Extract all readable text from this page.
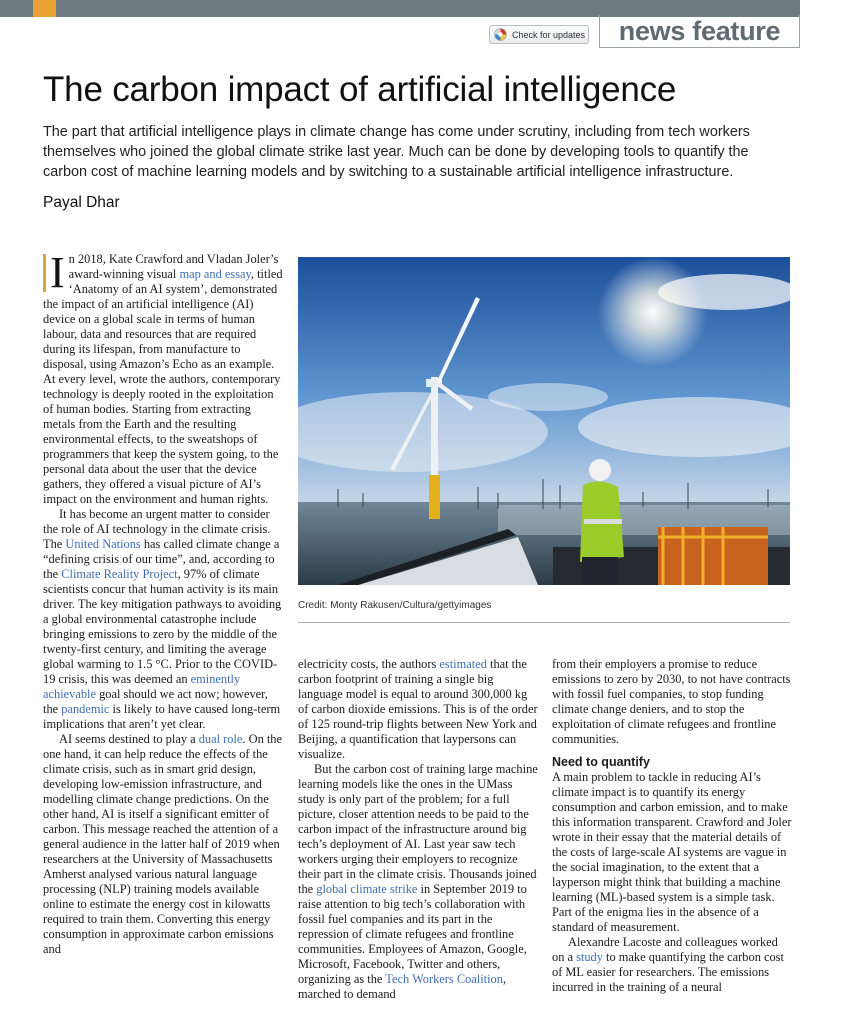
Check for updates	news feature
The carbon impact of artificial intelligence

The part that artificial intelligence plays in climate change has come under scrutiny, including from tech workers themselves who joined the global climate strike last year. Much can be done by developing tools to quantify the carbon cost of machine learning models and by switching to a sustainable artificial intelligence infrastructure.

Payal Dhar

I n 2018, Kate Crawford and Vladan Joler’s award-winning visual map and essay, titled ‘Anatomy of an AI system’, demonstrated the impact of an artificial intelligence (AI) device on a global scale in terms of human labour, data and resources that are required during its lifespan, from manufacture to disposal, using Amazon’s Echo as an example. At every level, wrote the authors, contemporary technology is deeply rooted in the exploitation of human bodies. Starting from extracting metals from the Earth and the resulting environmental effects, to the sweatshops of programmers that keep the system going, to the personal data about the user that the device gathers, they offered a visual picture of AI’s impact on the environment and human rights.

It has become an urgent matter to consider the role of AI technology in the climate crisis. The United Nations has called climate change a “defining crisis of our time”, and, according to the Climate Reality Project, 97% of climate scientists concur that human activity is its main driver. The key mitigation pathways to avoiding a global environmental catastrophe include bringing emissions to zero by the middle of the twenty-first century, and limiting the average global warming to 1.5 °C. Prior to the COVID-19 crisis, this was deemed an eminently achievable goal should we act now; however, the pandemic is likely to have caused long-term implications that aren’t yet clear.

AI seems destined to play a dual role. On the one hand, it can help reduce the effects of the climate crisis, such as in smart grid design, developing low-emission infrastructure, and modelling climate change predictions. On the other hand, AI is itself a significant emitter of carbon. This message reached the attention of a general audience in the latter half of 2019 when researchers at the University of Massachusetts Amherst analysed various natural language processing (NLP) training models available online to estimate the energy cost in kilowatts required to train them. Converting this energy consumption in approximate carbon emissions and

Credit: Monty Rakusen/Cultura/gettyimages

electricity costs, the authors estimated that the carbon footprint of training a single big language model is equal to around 300,000 kg of carbon dioxide emissions. This is of the order of 125 round-trip flights between New York and Beijing, a quantification that laypersons can visualize.

But the carbon cost of training large machine learning models like the ones in the UMass study is only part of the problem; for a full picture, closer attention needs to be paid to the carbon impact of the infrastructure around big tech’s deployment of AI. Last year saw tech workers urging their employers to recognize their part in the climate crisis. Thousands joined the global climate strike in September 2019 to raise attention to big tech’s collaboration with fossil fuel companies and its part in the repression of climate refugees and frontline communities. Employees of Amazon, Google, Microsoft, Facebook, Twitter and others, organizing as the Tech Workers Coalition, marched to demand

from their employers a promise to reduce emissions to zero by 2030, to not have contracts with fossil fuel companies, to stop funding climate change deniers, and to stop the exploitation of climate refugees and frontline communities.

Need to quantify

A main problem to tackle in reducing AI’s climate impact is to quantify its energy consumption and carbon emission, and to make this information transparent. Crawford and Joler wrote in their essay that the material details of the costs of large-scale AI systems are vague in the social imagination, to the extent that a layperson might think that building a machine learning (ML)-based system is a simple task. Part of the enigma lies in the absence of a standard of measurement.

Alexandre Lacoste and colleagues worked on a study to make quantifying the carbon cost of ML easier for researchers. The emissions incurred in the training of a neural
